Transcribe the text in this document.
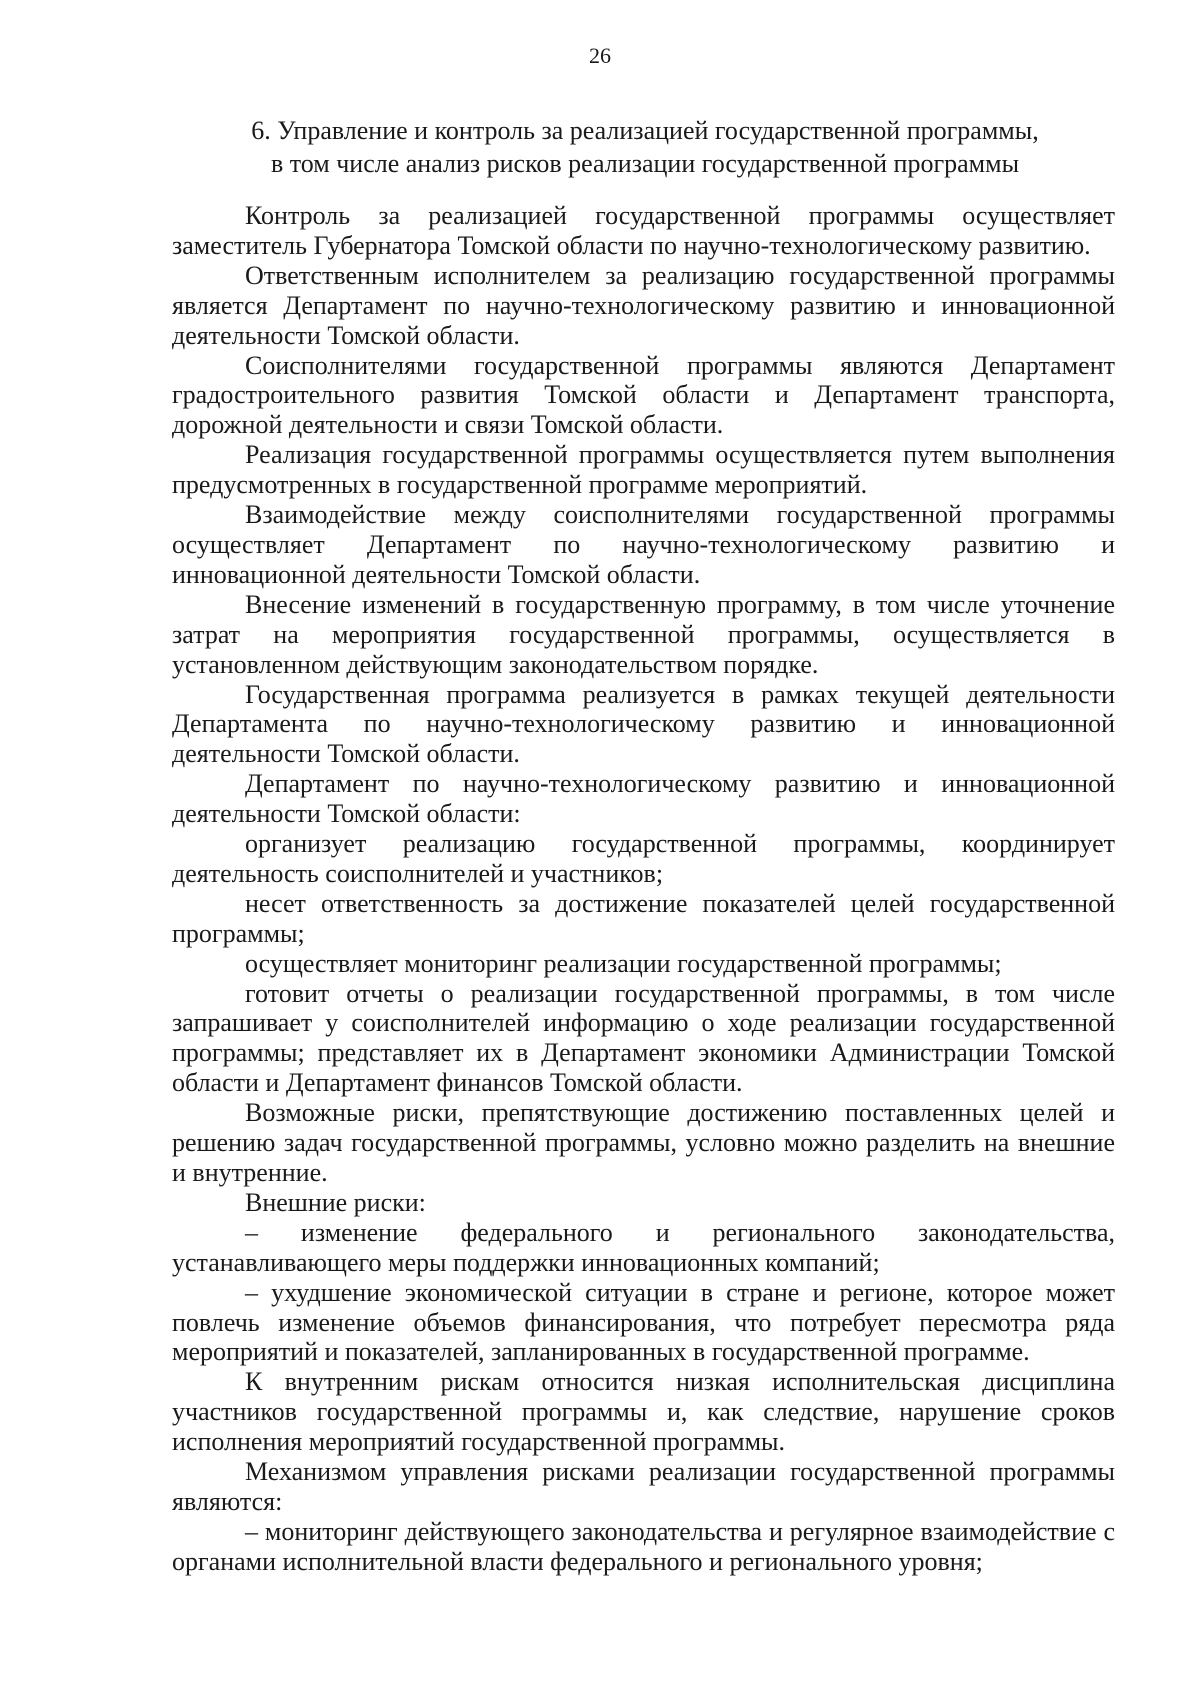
26
6. Управление и контроль за реализацией государственной программы,
в том числе анализ рисков реализации государственной программы

Контроль за реализацией государственной программы осуществляет заместитель Губернатора Томской области по научно-технологическому развитию.

Ответственным исполнителем за реализацию государственной программы является Департамент по научно-технологическому развитию и инновационной деятельности Томской области.

Соисполнителями государственной программы являются Департамент градостроительного развития Томской области и Департамент транспорта, дорожной деятельности и связи Томской области.

Реализация государственной программы осуществляется путем выполнения предусмотренных в государственной программе мероприятий.

Взаимодействие между соисполнителями государственной программы осуществляет Департамент по научно-технологическому развитию и инновационной деятельности Томской области.

Внесение изменений в государственную программу, в том числе уточнение затрат на мероприятия государственной программы, осуществляется в установленном действующим законодательством порядке.

Государственная программа реализуется в рамках текущей деятельности Департамента по научно-технологическому развитию и инновационной деятельности Томской области.

Департамент по научно-технологическому развитию и инновационной деятельности Томской области:

организует реализацию государственной программы, координирует деятельность соисполнителей и участников;

несет ответственность за достижение показателей целей государственной программы;

осуществляет мониторинг реализации государственной программы;

готовит отчеты о реализации государственной программы, в том числе запрашивает у соисполнителей информацию о ходе реализации государственной программы; представляет их в Департамент экономики Администрации Томской области и Департамент финансов Томской области.

Возможные риски, препятствующие достижению поставленных целей и решению задач государственной программы, условно можно разделить на внешние и внутренние.

Внешние риски:

– изменение федерального и регионального законодательства, устанавливающего меры поддержки инновационных компаний;

– ухудшение экономической ситуации в стране и регионе, которое может повлечь изменение объемов финансирования, что потребует пересмотра ряда мероприятий и показателей, запланированных в государственной программе.

К внутренним рискам относится низкая исполнительская дисциплина участников государственной программы и, как следствие, нарушение сроков исполнения мероприятий государственной программы.

Механизмом управления рисками реализации государственной программы являются:

– мониторинг действующего законодательства и регулярное взаимодействие с органами исполнительной власти федерального и регионального уровня;
